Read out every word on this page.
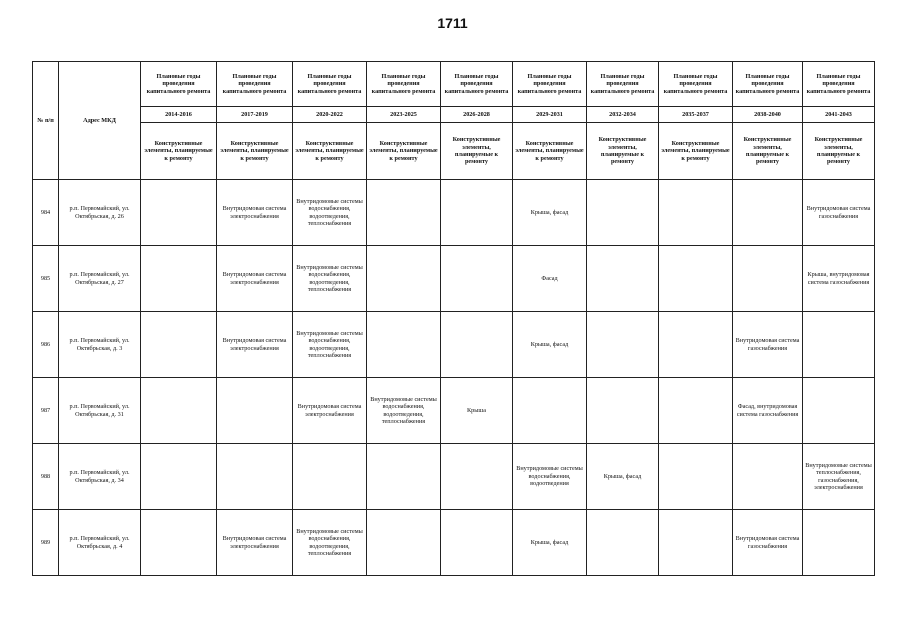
1711
№ п/п	Адрес МКД	Плановые годы проведения капитального ремонта	Плановые годы проведения капитального ремонта	Плановые годы проведения капитального ремонта	Плановые годы проведения капитального ремонта	Плановые годы проведения капитального ремонта	Плановые годы проведения капитального ремонта	Плановые годы проведения капитального ремонта	Плановые годы проведения капитального ремонта	Плановые годы проведения капитального ремонта	Плановые годы проведения капитального ремонта
		2014-2016	2017-2019	2020-2022	2023-2025	2026-2028	2029-2031	2032-2034	2035-2037	2038-2040	2041-2043
		Конструктивные элементы, планируемые к ремонту	Конструктивные элементы, планируемые к ремонту	Конструктивные элементы, планируемые к ремонту	Конструктивные элементы, планируемые к ремонту	Конструктивные элементы, планируемые к ремонту	Конструктивные элементы, планируемые к ремонту	Конструктивные элементы, планируемые к ремонту	Конструктивные элементы, планируемые к ремонту	Конструктивные элементы, планируемые к ремонту	Конструктивные элементы, планируемые к ремонту
984	р.п. Первомайский, ул. Октябрьская, д. 26		Внутридомовая система электроснабжения	Внутридомовые системы водоснабжения, водоотведения, теплоснабжения			Крыша, фасад				Внутридомовая система газоснабжения
985	р.п. Первомайский, ул. Октябрьская, д. 27		Внутридомовая система электроснабжения	Внутридомовые системы водоснабжения, водоотведения, теплоснабжения			Фасад				Крыша, внутридомовая система газоснабжения
986	р.п. Первомайский, ул. Октябрьская, д. 3		Внутридомовая система электроснабжения	Внутридомовые системы водоснабжения, водоотведения, теплоснабжения			Крыша, фасад			Внутридомовая система газоснабжения	
987	р.п. Первомайский, ул. Октябрьская, д. 31			Внутридомовая система электроснабжения	Внутридомовые системы водоснабжения, водоотведения, теплоснабжения	Крыша				Фасад, внутридомовая система газоснабжения	
988	р.п. Первомайский, ул. Октябрьская, д. 34						Внутридомовые системы водоснабжения, водоотведения	Крыша, фасад			Внутридомовые системы теплоснабжения, газоснабжения, электроснабжения
989	р.п. Первомайский, ул. Октябрьская, д. 4		Внутридомовая система электроснабжения	Внутридомовые системы водоснабжения, водоотведения, теплоснабжения			Крыша, фасад			Внутридомовая система газоснабжения	
